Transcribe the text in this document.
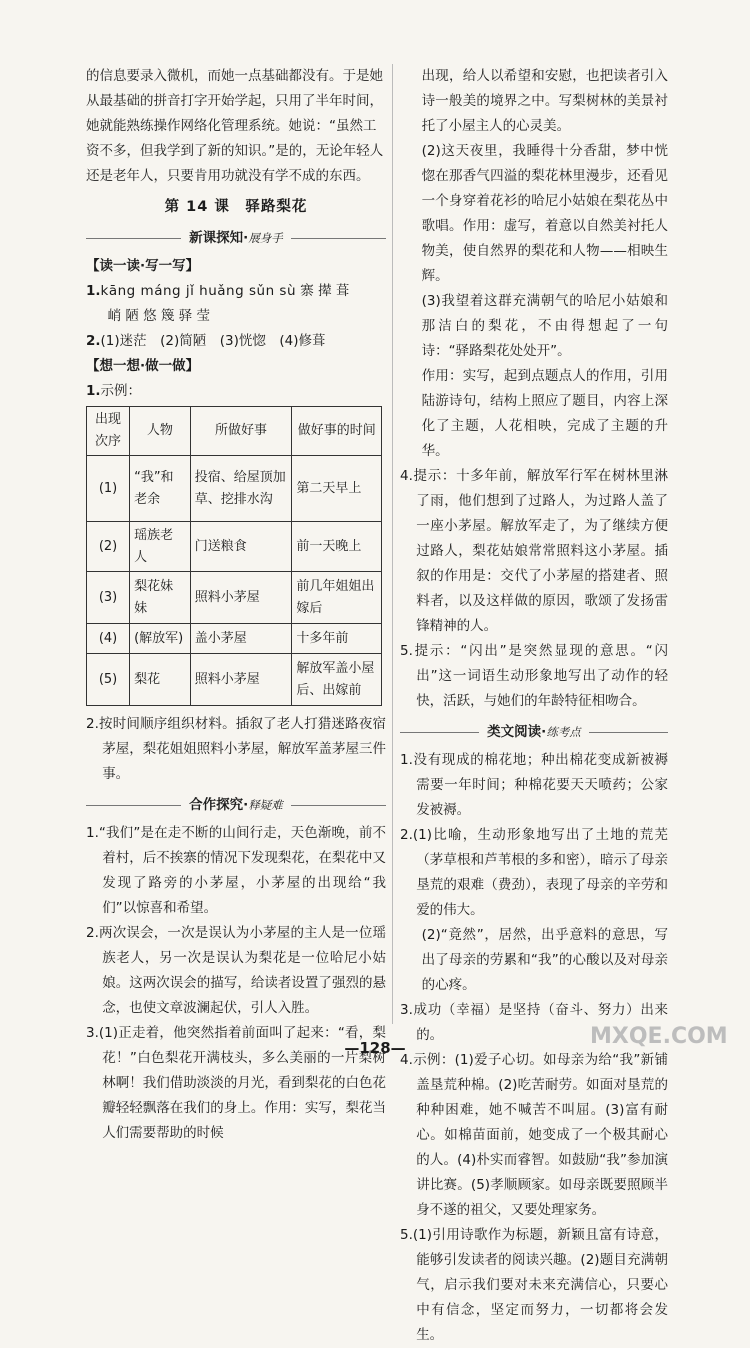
的信息要录入微机，而她一点基础都没有。于是她

从最基础的拼音打字开始学起，只用了半年时间，

她就能熟练操作网络化管理系统。她说：“虽然工

资不多，但我学到了新的知识。”是的，无论年轻人

还是老年人，只要肯用功就没有学不成的东西。

第 14 课　驿路梨花
新课探知·展身手

【读一读·写一写】

1.kāng máng jǐ huǎng sǔn sù 寨 撵 葺

峭 陋 悠 篾 驿 莹

2.(1)迷茫　(2)简陋　(3)恍惚　(4)修葺

【想一想·做一做】

1.示例：

出现次序	人物	所做好事	做好事的时间
(1)	“我”和老余	投宿、给屋顶加草、挖排水沟	第二天早上
(2)	瑶族老人	门送粮食	前一天晚上
(3)	梨花妹妹	照料小茅屋	前几年姐姐出嫁后
(4)	(解放军)	盖小茅屋	十多年前
(5)	梨花	照料小茅屋	解放军盖小屋后、出嫁前

2.按时间顺序组织材料。插叙了老人打猎迷路夜宿茅屋，梨花姐姐照料小茅屋，解放军盖茅屋三件事。

合作探究·释疑难

1.“我们”是在走不断的山间行走，天色渐晚，前不着村，后不挨寨的情况下发现梨花，在梨花中又发现了路旁的小茅屋，小茅屋的出现给“我们”以惊喜和希望。

2.两次误会，一次是误认为小茅屋的主人是一位瑶族老人，另一次是误认为梨花是一位哈尼小姑娘。这两次误会的描写，给读者设置了强烈的悬念，也使文章波澜起伏，引人入胜。

3.(1)正走着，他突然指着前面叫了起来：“看，梨花！”白色梨花开满枝头，多么美丽的一片梨树林啊！我们借助淡淡的月光，看到梨花的白色花瓣轻轻飘落在我们的身上。作用：实写，梨花当人们需要帮助的时候

出现，给人以希望和安慰，也把读者引入诗一般美的境界之中。写梨树林的美景衬托了小屋主人的心灵美。

(2)这天夜里，我睡得十分香甜，梦中恍惚在那香气四溢的梨花林里漫步，还看见一个身穿着花衫的哈尼小姑娘在梨花丛中歌唱。作用：虚写，着意以自然美衬托人物美，使自然界的梨花和人物——相映生辉。

(3)我望着这群充满朝气的哈尼小姑娘和那洁白的梨花，不由得想起了一句诗：“驿路梨花处处开”。

作用：实写，起到点题点人的作用，引用陆游诗句，结构上照应了题目，内容上深化了主题，人花相映，完成了主题的升华。

4.提示：十多年前，解放军行军在树林里淋了雨，他们想到了过路人，为过路人盖了一座小茅屋。解放军走了，为了继续方便过路人，梨花姑娘常常照料这小茅屋。插叙的作用是：交代了小茅屋的搭建者、照料者，以及这样做的原因，歌颂了发扬雷锋精神的人。

5.提示：“闪出”是突然显现的意思。“闪出”这一词语生动形象地写出了动作的轻快，活跃，与她们的年龄特征相吻合。

类文阅读·练考点

1.没有现成的棉花地；种出棉花变成新被褥需要一年时间；种棉花要天天喷药；公家发被褥。

2.(1)比喻，生动形象地写出了土地的荒芜（茅草根和芦苇根的多和密），暗示了母亲垦荒的艰难（费劲），表现了母亲的辛劳和爱的伟大。

(2)“竟然”，居然，出乎意料的意思，写出了母亲的劳累和“我”的心酸以及对母亲的心疼。

3.成功（幸福）是坚持（奋斗、努力）出来的。

4.示例：(1)爱子心切。如母亲为给“我”新铺盖垦荒种棉。(2)吃苦耐劳。如面对垦荒的种种困难，她不喊苦不叫屈。(3)富有耐心。如棉苗面前，她变成了一个极其耐心的人。(4)朴实而睿智。如鼓励“我”参加演讲比赛。(5)孝顺顾家。如母亲既要照顾半身不遂的祖父，又要处理家务。

5.(1)引用诗歌作为标题，新颖且富有诗意，能够引发读者的阅读兴趣。(2)题目充满朝气，启示我们要对未来充满信心，只要心中有信念，坚定而努力，一切都将会发生。

—128—	MXQE.COM
